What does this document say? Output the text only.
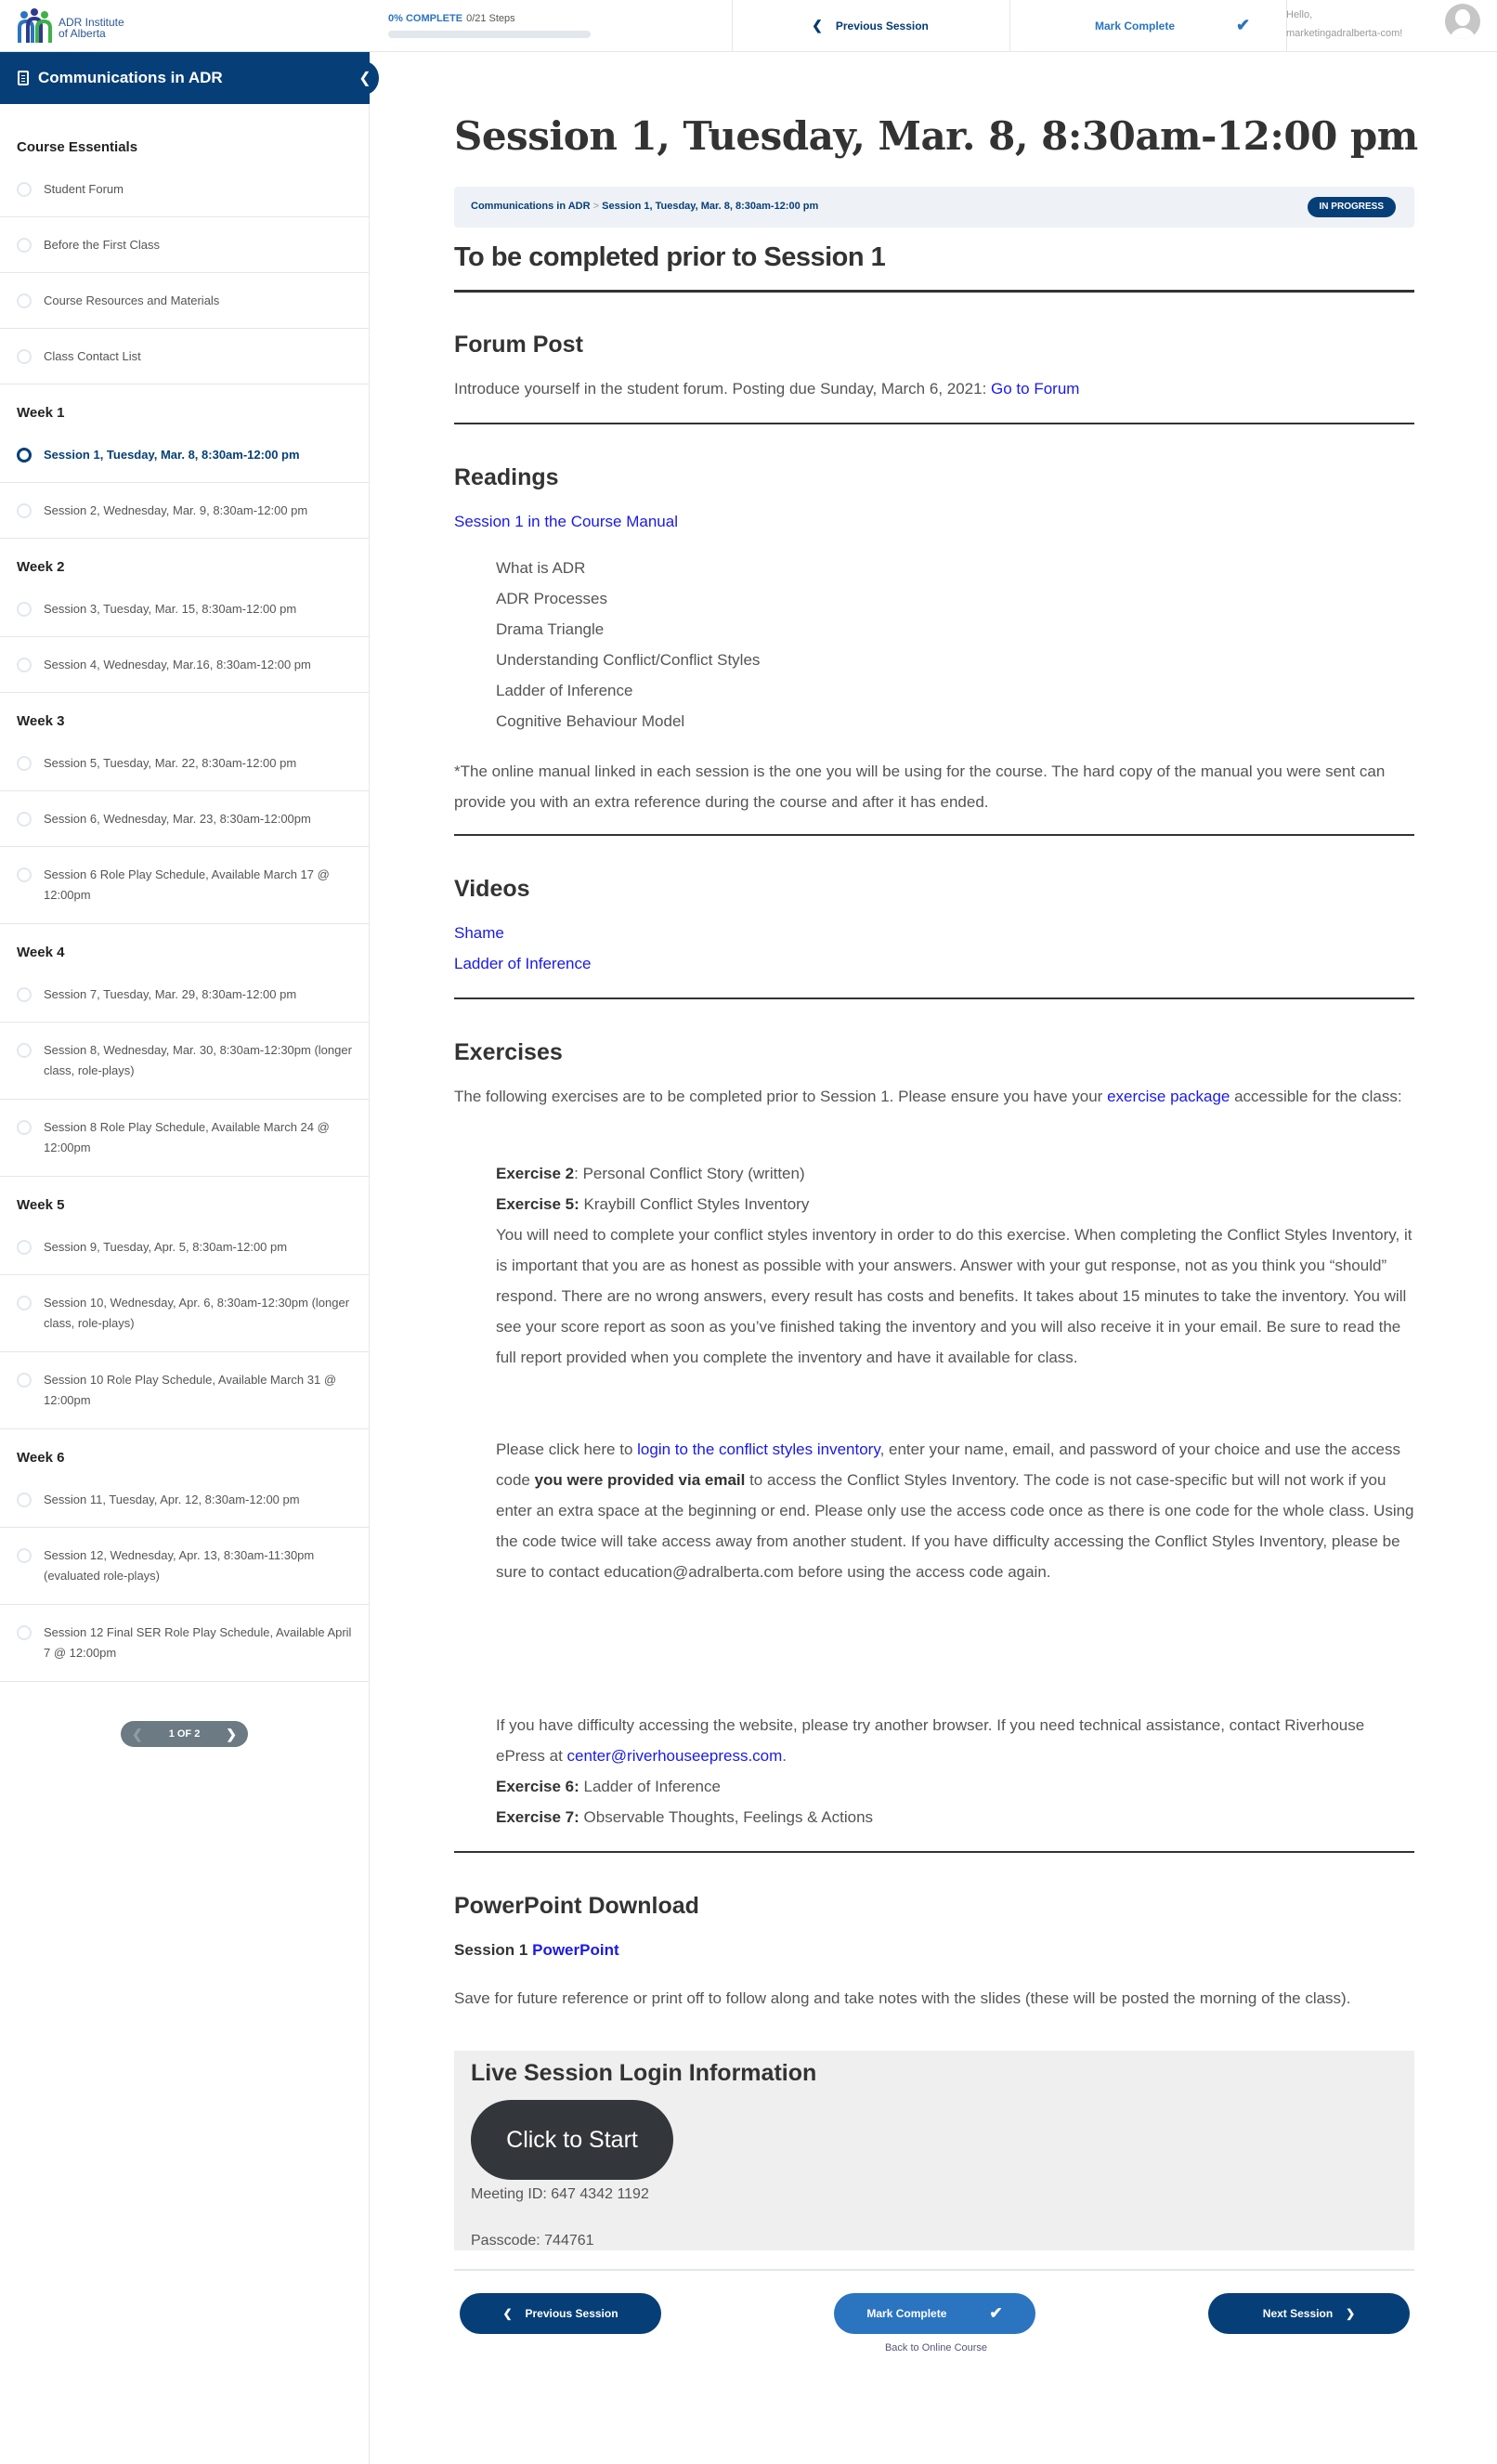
ADR Institute
of Alberta
0% COMPLETE 0/21 Steps	❮ Previous Session	Mark Complete	✔
Hello,
marketingadralberta-com!
Communications in ADR	❮
Course Essentials
Student Forum
Before the First Class
Course Resources and Materials
Class Contact List
Week 1
Session 1, Tuesday, Mar. 8, 8:30am-12:00 pm
Session 2, Wednesday, Mar. 9, 8:30am-12:00 pm
Week 2
Session 3, Tuesday, Mar. 15, 8:30am-12:00 pm
Session 4, Wednesday, Mar.16, 8:30am-12:00 pm
Week 3
Session 5, Tuesday, Mar. 22, 8:30am-12:00 pm
Session 6, Wednesday, Mar. 23, 8:30am-12:00pm
Session 6 Role Play Schedule, Available March 17 @ 12:00pm
Week 4
Session 7, Tuesday, Mar. 29, 8:30am-12:00 pm
Session 8, Wednesday, Mar. 30, 8:30am-12:30pm (longer class, role-plays)
Session 8 Role Play Schedule, Available March 24 @ 12:00pm
Week 5
Session 9, Tuesday, Apr. 5, 8:30am-12:00 pm
Session 10, Wednesday, Apr. 6, 8:30am-12:30pm (longer class, role-plays)
Session 10 Role Play Schedule, Available March 31 @ 12:00pm
Week 6
Session 11, Tuesday, Apr. 12, 8:30am-12:00 pm
Session 12, Wednesday, Apr. 13, 8:30am-11:30pm (evaluated role-plays)
Session 12 Final SER Role Play Schedule, Available April 7 @ 12:00pm
❮	1 OF 2 ❯
Session 1, Tuesday, Mar. 8, 8:30am-12:00 pm
Communications in ADR > Session 1, Tuesday, Mar. 8, 8:30am-12:00 pm	IN PROGRESS
To be completed prior to Session 1
Forum Post

Introduce yourself in the student forum. Posting due Sunday, March 6, 2021: Go to Forum

Readings

Session 1 in the Course Manual

What is ADR

ADR Processes

Drama Triangle

Understanding Conflict/Conflict Styles

Ladder of Inference

Cognitive Behaviour Model

*The online manual linked in each session is the one you will be using for the course. The hard copy of the manual you were sent can provide you with an extra reference during the course and after it has ended.

Videos

Shame

Ladder of Inference

Exercises

The following exercises are to be completed prior to Session 1. Please ensure you have your exercise package accessible for the class:

Exercise 2: Personal Conflict Story (written)

Exercise 5: Kraybill Conflict Styles Inventory

You will need to complete your conflict styles inventory in order to do this exercise. When completing the Conflict Styles Inventory, it is important that you are as honest as possible with your answers. Answer with your gut response, not as you think you “should” respond. There are no wrong answers, every result has costs and benefits. It takes about 15 minutes to take the inventory. You will see your score report as soon as you’ve finished taking the inventory and you will also receive it in your email. Be sure to read the full report provided when you complete the inventory and have it available for class.

Please click here to login to the conflict styles inventory, enter your name, email, and password of your choice and use the access code you were provided via email to access the Conflict Styles Inventory. The code is not case-specific but will not work if you enter an extra space at the beginning or end. Please only use the access code once as there is one code for the whole class. Using the code twice will take access away from another student. If you have difficulty accessing the Conflict Styles Inventory, please be sure to contact education@adralberta.com before using the access code again.

If you have difficulty accessing the website, please try another browser. If you need technical assistance, contact Riverhouse ePress at center@riverhouseepress.com.

Exercise 6: Ladder of Inference

Exercise 7: Observable Thoughts, Feelings & Actions

PowerPoint Download

Session 1 PowerPoint

Save for future reference or print off to follow along and take notes with the slides (these will be posted the morning of the class).

Live Session Login Information
Click to Start
Meeting ID: 647 4342 1192
Passcode: 744761
❮ Previous Session	Mark Complete	✔
Back to Online Course
Next Session ❯
